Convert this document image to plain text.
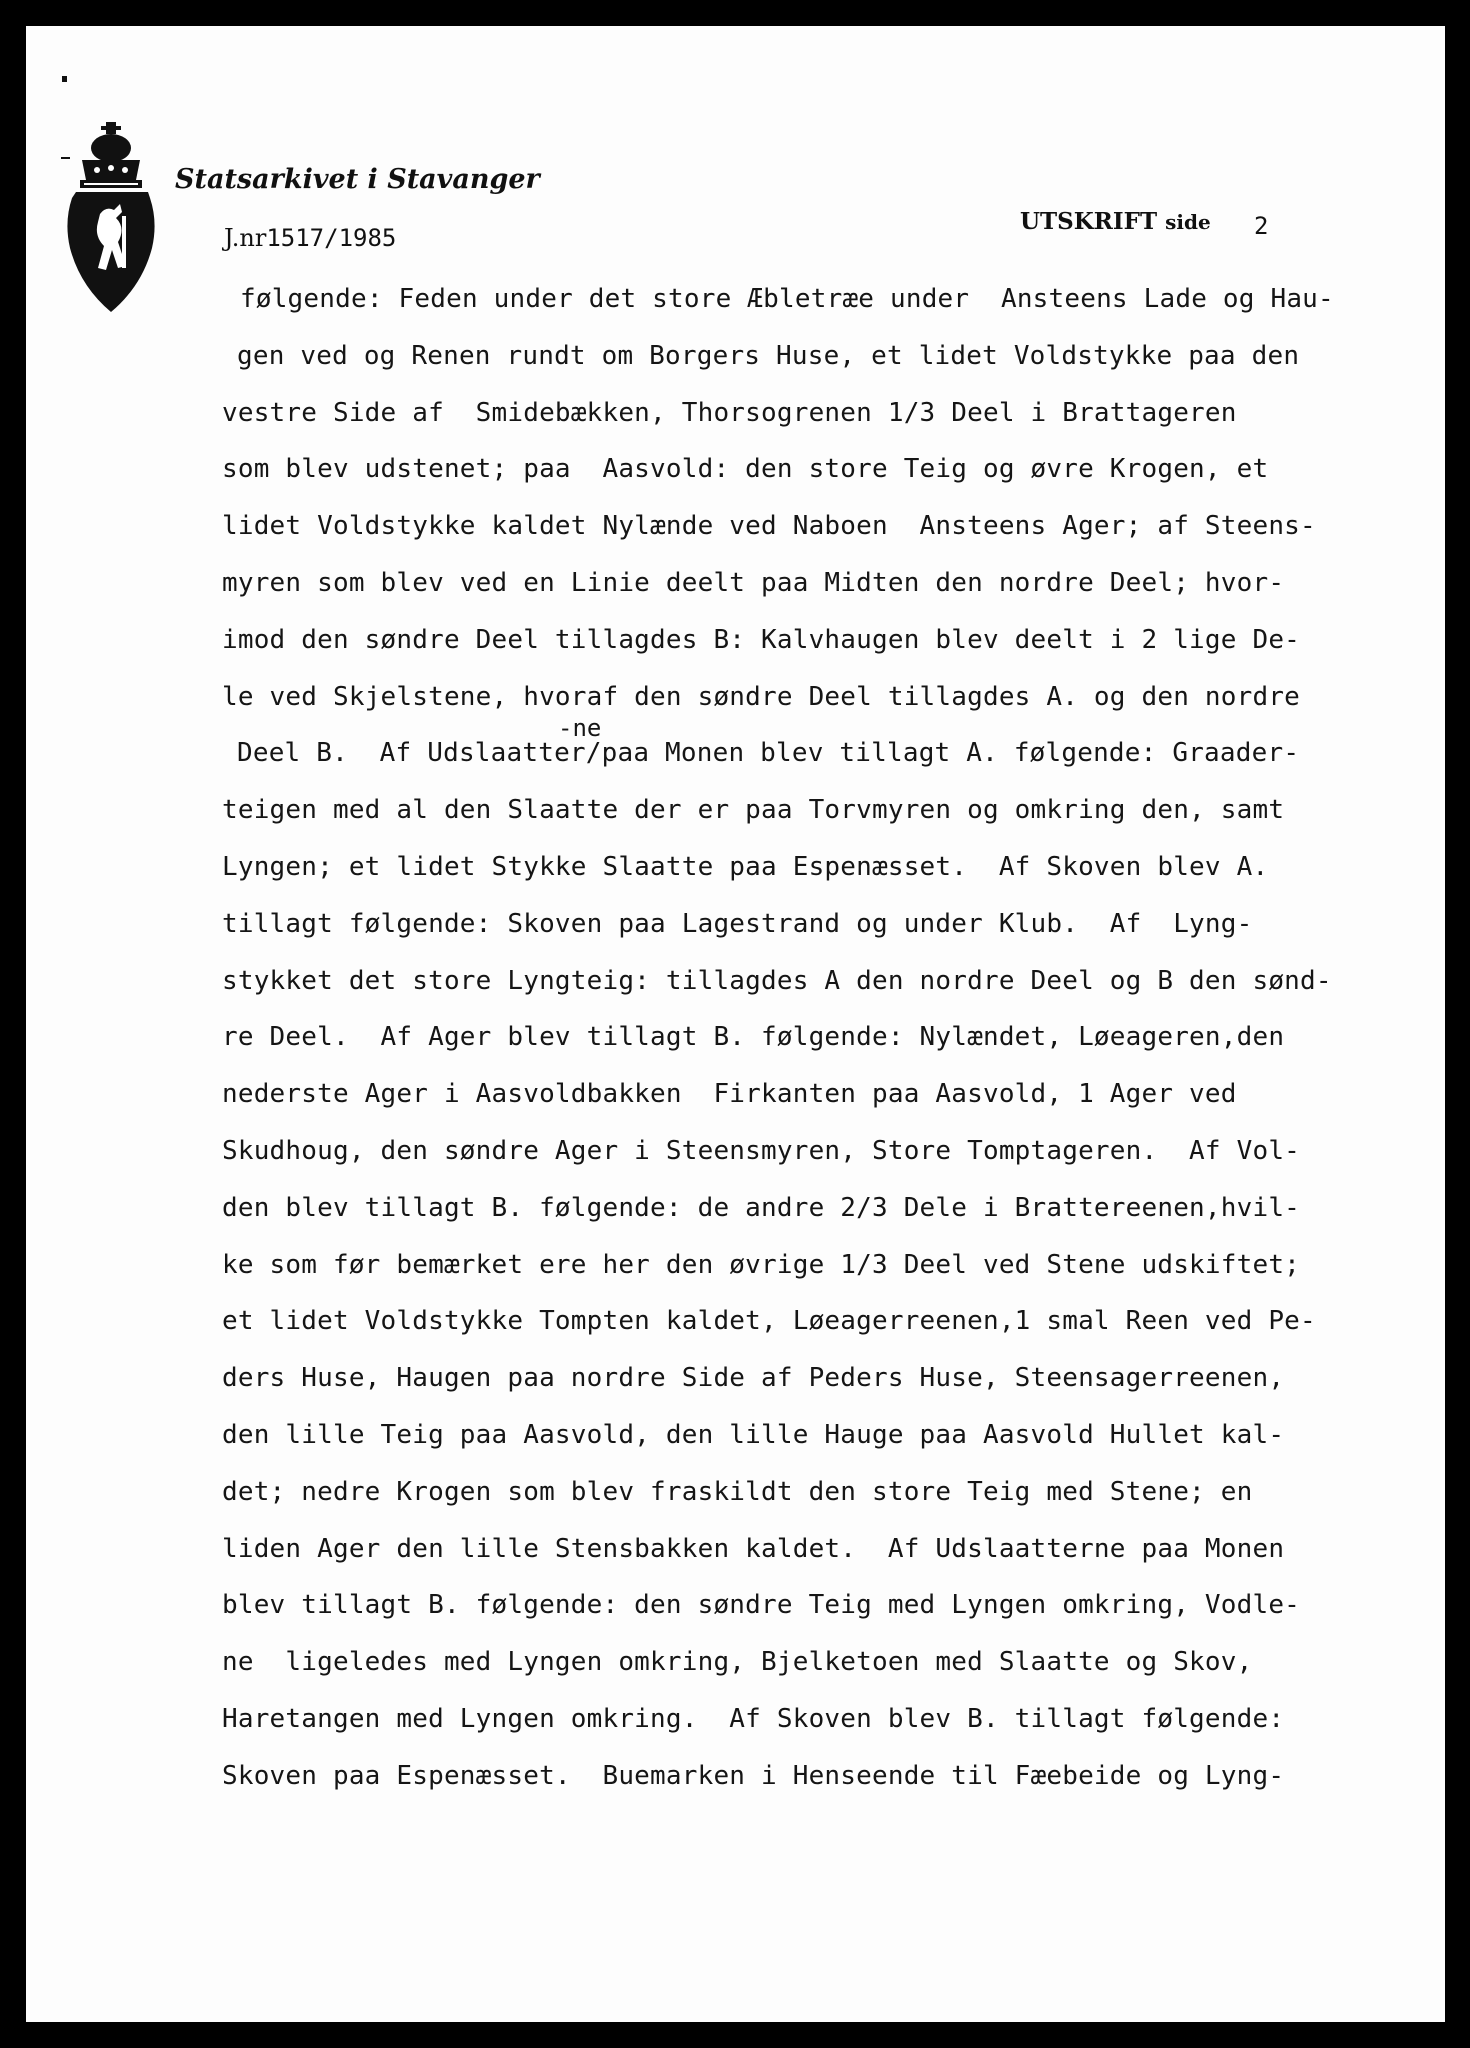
Statsarkivet i Stavanger
J.nr1517/1985
UTSKRIFT side 2
-ne
følgende: Feden under det store Æbletræe under  Ansteens Lade og Hau-
gen ved og Renen rundt om Borgers Huse, et lidet Voldstykke paa den
vestre Side af  Smidebækken, Thorsogrenen 1/3 Deel i Brattageren
som blev udstenet; paa  Aasvold: den store Teig og øvre Krogen, et
lidet Voldstykke kaldet Nylænde ved Naboen  Ansteens Ager; af Steens-
myren som blev ved en Linie deelt paa Midten den nordre Deel; hvor-
imod den søndre Deel tillagdes B: Kalvhaugen blev deelt i 2 lige De-
le ved Skjelstene, hvoraf den søndre Deel tillagdes A. og den nordre
Deel B.  Af Udslaatter/paa Monen blev tillagt A. følgende: Graader-
teigen med al den Slaatte der er paa Torvmyren og omkring den, samt
Lyngen; et lidet Stykke Slaatte paa Espenæsset.  Af Skoven blev A.
tillagt følgende: Skoven paa Lagestrand og under Klub.  Af  Lyng-
stykket det store Lyngteig: tillagdes A den nordre Deel og B den sønd-
re Deel.  Af Ager blev tillagt B. følgende: Nylændet, Løeageren,den
nederste Ager i Aasvoldbakken  Firkanten paa Aasvold, 1 Ager ved
Skudhoug, den søndre Ager i Steensmyren, Store Tomptageren.  Af Vol-
den blev tillagt B. følgende: de andre 2/3 Dele i Brattereenen,hvil-
ke som før bemærket ere her den øvrige 1/3 Deel ved Stene udskiftet;
et lidet Voldstykke Tompten kaldet, Løeagerreenen,1 smal Reen ved Pe-
ders Huse, Haugen paa nordre Side af Peders Huse, Steensagerreenen,
den lille Teig paa Aasvold, den lille Hauge paa Aasvold Hullet kal-
det; nedre Krogen som blev fraskildt den store Teig med Stene; en
liden Ager den lille Stensbakken kaldet.  Af Udslaatterne paa Monen
blev tillagt B. følgende: den søndre Teig med Lyngen omkring, Vodle-
ne  ligeledes med Lyngen omkring, Bjelketoen med Slaatte og Skov,
Haretangen med Lyngen omkring.  Af Skoven blev B. tillagt følgende:
Skoven paa Espenæsset.  Buemarken i Henseende til Fæebeide og Lyng-
